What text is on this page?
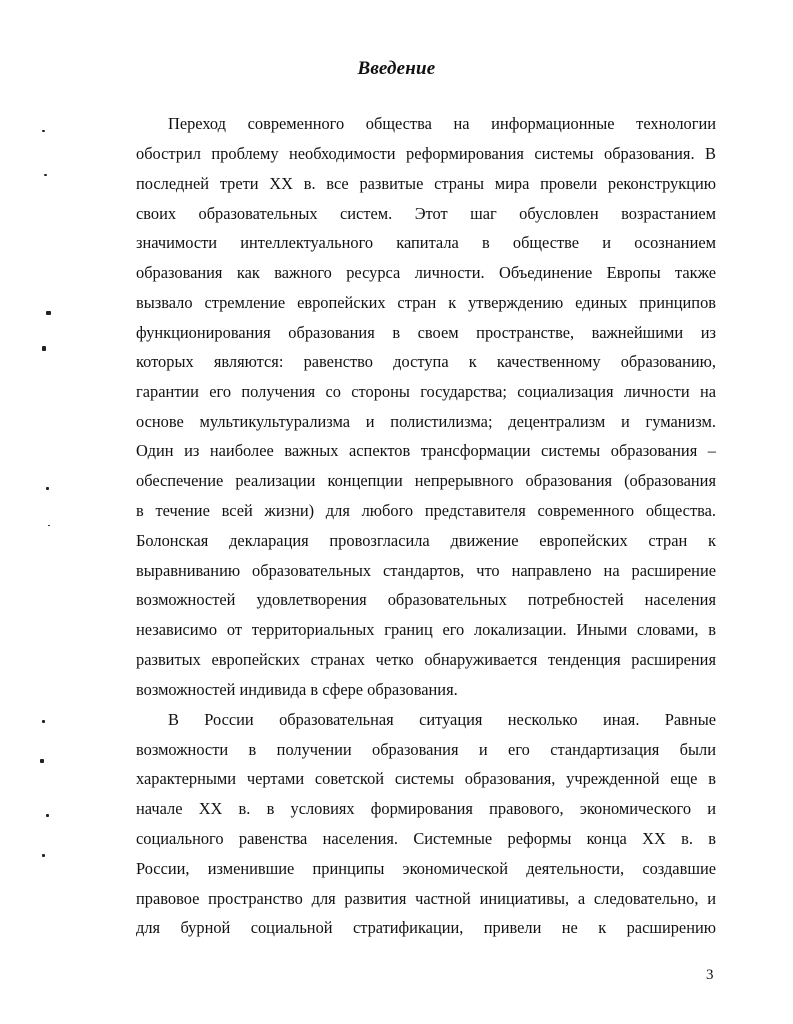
Введение
Переход современного общества на информационные технологии
обострил проблему необходимости реформирования системы образования. В
последней трети XX в. все развитые страны мира провели реконструкцию
своих образовательных систем. Этот шаг обусловлен возрастанием
значимости интеллектуального капитала в обществе и осознанием
образования как важного ресурса личности. Объединение Европы также
вызвало стремление европейских стран к утверждению единых принципов
функционирования образования в своем пространстве, важнейшими из
которых являются: равенство доступа к качественному образованию,
гарантии его получения со стороны государства; социализация личности на
основе мультикультурализма и полистилизма; децентрализм и гуманизм.
Один из наиболее важных аспектов трансформации системы образования –
обеспечение реализации концепции непрерывного образования (образования
в течение всей жизни) для любого представителя современного общества.
Болонская декларация провозгласила движение европейских стран к
выравниванию образовательных стандартов, что направлено на расширение
возможностей удовлетворения образовательных потребностей населения
независимо от территориальных границ его локализации. Иными словами, в
развитых европейских странах четко обнаруживается тенденция расширения
возможностей индивида в сфере образования.
В России образовательная ситуация несколько иная. Равные
возможности в получении образования и его стандартизация были
характерными чертами советской системы образования, учрежденной еще в
начале XX в. в условиях формирования правового, экономического и
социального равенства населения. Системные реформы конца XX в. в
России, изменившие принципы экономической деятельности, создавшие
правовое пространство для развития частной инициативы, а следовательно, и
для бурной социальной стратификации, привели не к расширению
3
